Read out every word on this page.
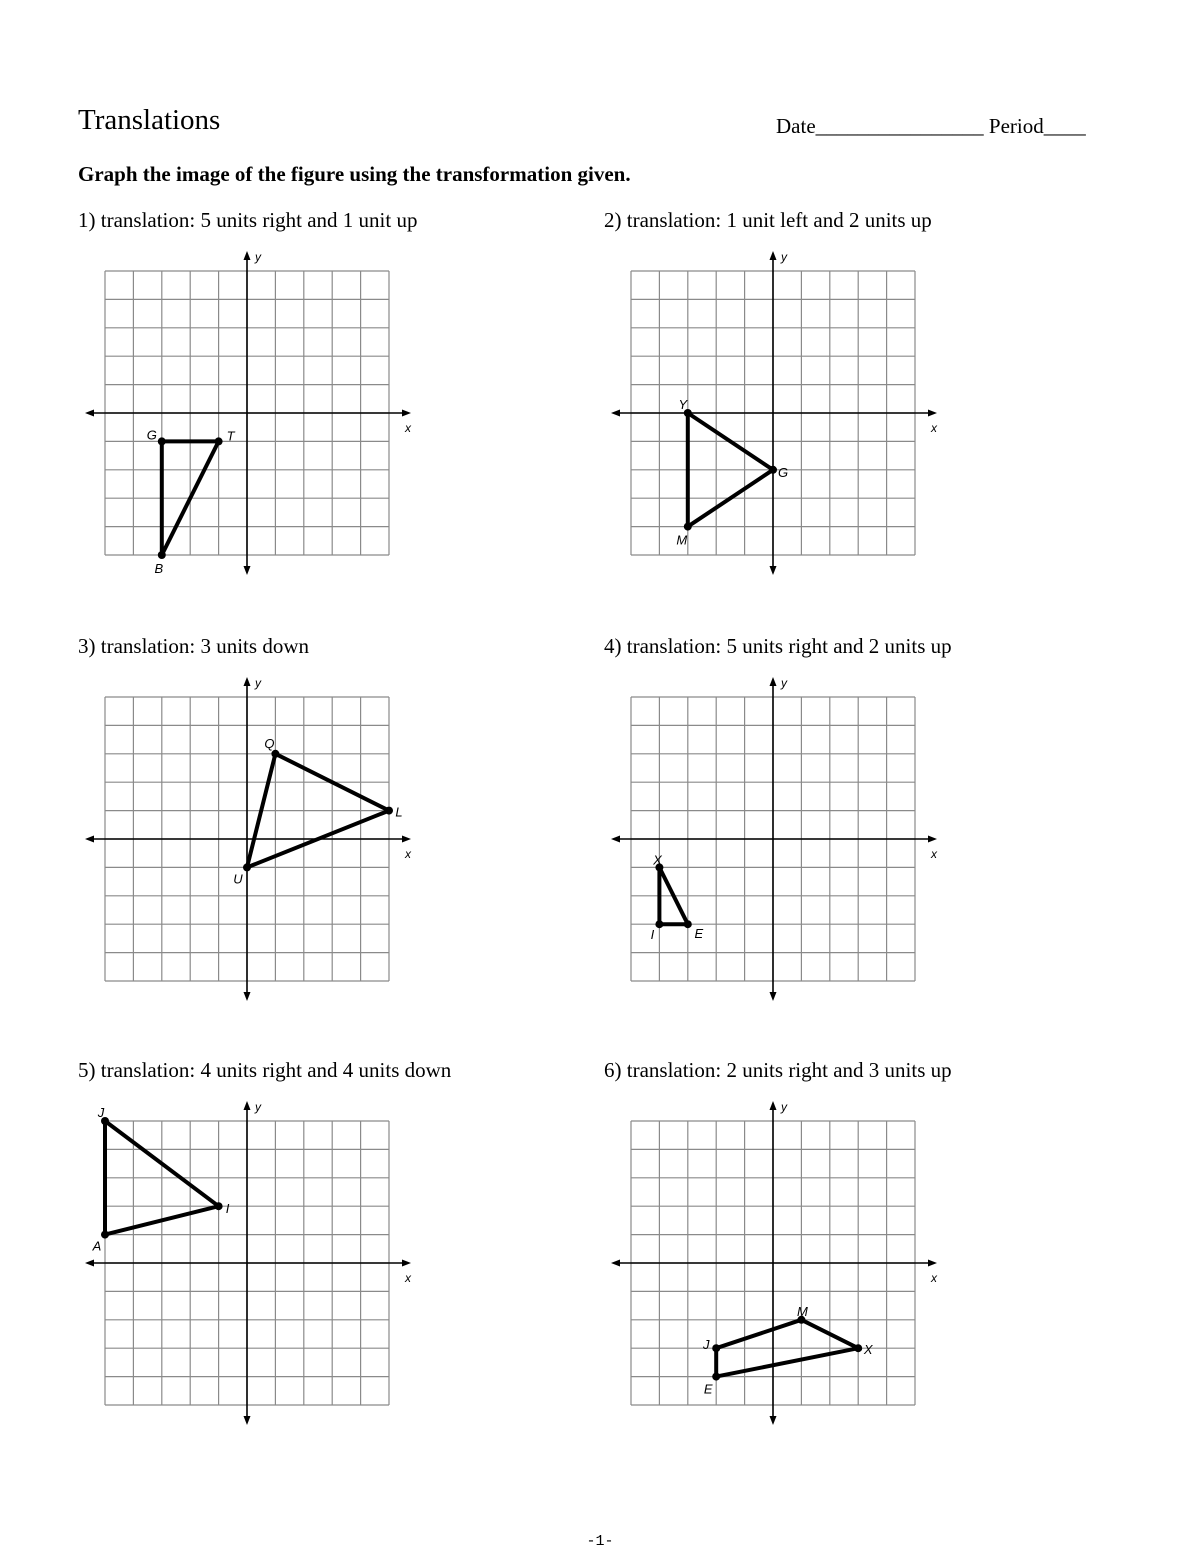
Translations	Date________________ Period____
Graph the image of the figure using the transformation given.
1) translation: 5 units right and 1 unit up	2) translation: 1 unit left and 2 units up
3) translation: 3 units down	4) translation: 5 units right and 2 units up
5) translation: 4 units right and 4 units down	6) translation: 2 units right and 3 units up
x
y
G	T
B
x
y
Y
G
M
x
y
Q
L
U
x
y
X
I	E
x
y
J
I
A
x
y
M
X
E
J
-1-
